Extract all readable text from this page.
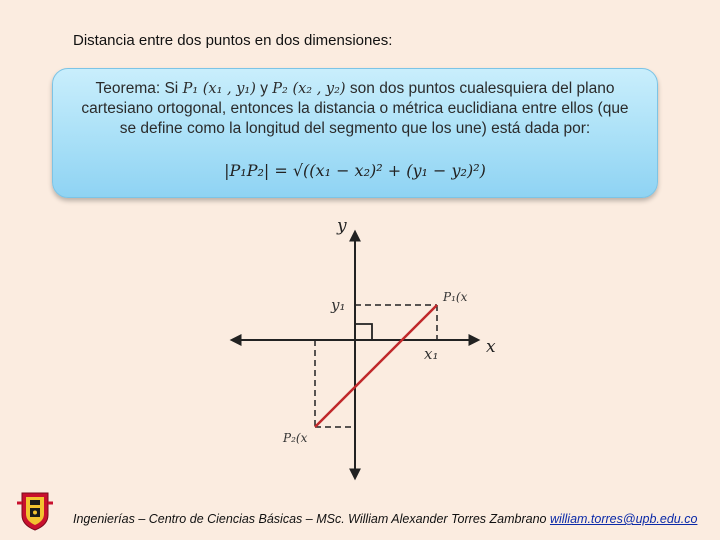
Distancia entre dos puntos en dos dimensiones:
Teorema: Si P₁ (x₁ , y₁) y P₂ (x₂ , y₂) son dos puntos cualesquiera del plano
cartesiano ortogonal, entonces la distancia o métrica euclidiana entre ellos (que
se define como la longitud del segmento que los une) está dada por:
|P₁P₂| = √((x₁ − x₂)² + (y₁ − y₂)²)
y
x
y₁
x₁
P₁(x
P₂(x
Ingenierías – Centro de Ciencias Básicas – MSc. William Alexander Torres Zambrano william.torres@upb.edu.co
